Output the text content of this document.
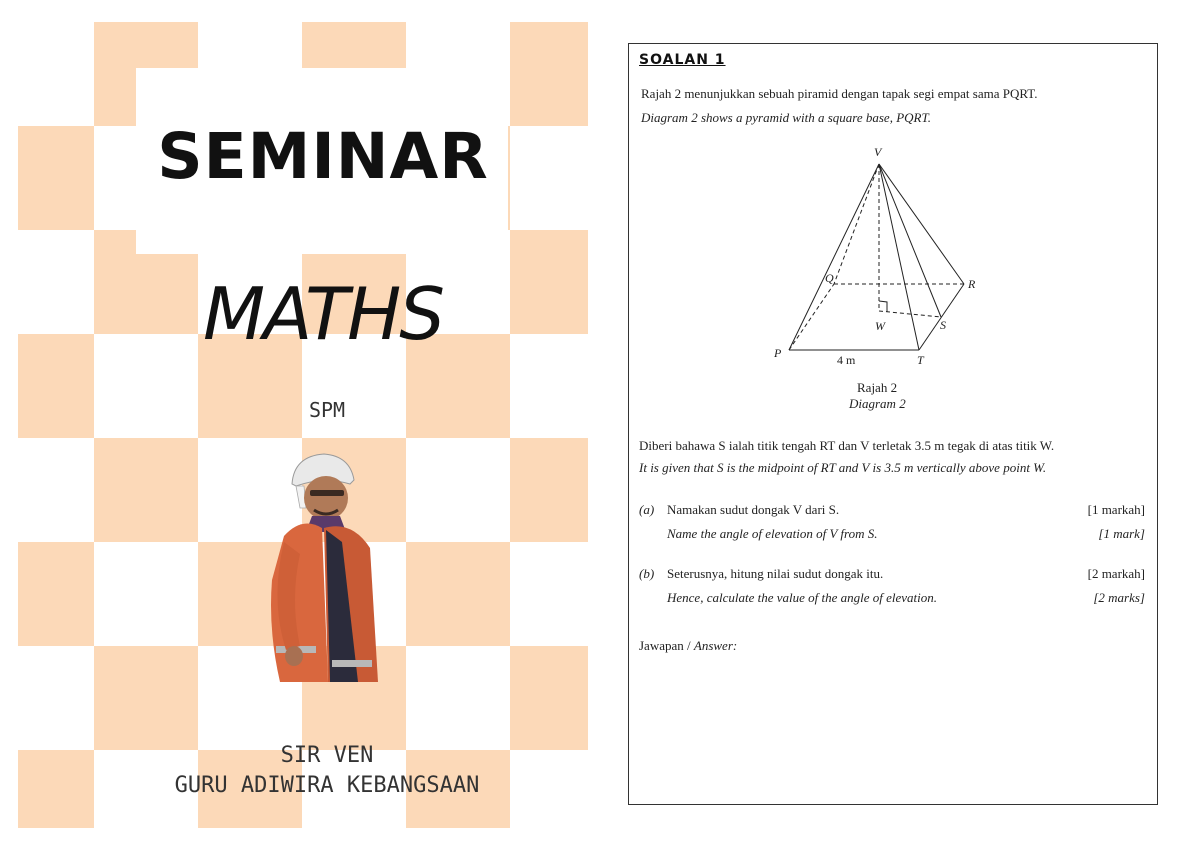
SEMINAR
MATHS
SPM
SIR VEN
GURU ADIWIRA KEBANGSAAN
SOALAN 1
Rajah 2 menunjukkan sebuah piramid dengan tapak segi empat sama PQRT.
Diagram 2 shows a pyramid with a square base, PQRT.
V
Q	R
W	S
P	T
4 m
Rajah 2
Diagram 2
Diberi bahawa S ialah titik tengah RT dan V terletak 3.5 m tegak di atas titik W.
It is given that S is the midpoint of RT and V is 3.5 m vertically above point W.
(a) Namakan sudut dongak V dari S.	[1 markah]
Name the angle of elevation of V from S.	[1 mark]
(b) Seterusnya, hitung nilai sudut dongak itu.	[2 markah]
Hence, calculate the value of the angle of elevation.	[2 marks]
Jawapan / Answer:
